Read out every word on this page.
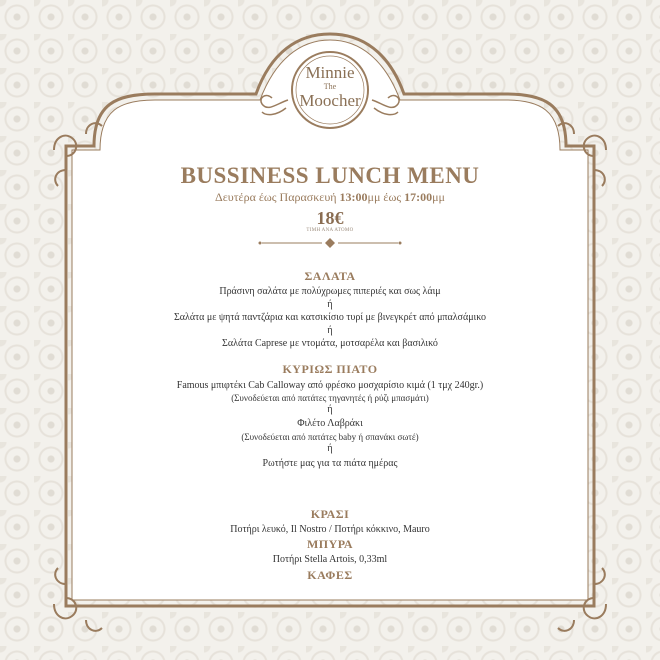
Minnie
The
Moocher
BUSSINESS LUNCH MENU
Δευτέρα έως Παρασκευή 13:00μμ έως 17:00μμ
18€
ΤΙΜΗ ΑΝΑ ΑΤΟΜΟ
ΣΑΛΑΤΑ
Πράσινη σαλάτα με πολύχρωμες πιπεριές και σως λάιμ
ή
Σαλάτα με ψητά παντζάρια και κατσικίσιο τυρί με βινεγκρέτ από μπαλσάμικο
ή
Σαλάτα Caprese με ντομάτα, μοτσαρέλα και βασιλικό
ΚΥΡΙΩΣ ΠΙΑΤΟ
Famous μπιφτέκι Cab Calloway από φρέσκο μοσχαρίσιο κιμά (1 τμχ 240gr.)
(Συνοδεύεται από πατάτες τηγανητές ή ρύζι μπασμάτι)
ή
Φιλέτο Λαβράκι
(Συνοδεύεται από πατάτες baby ή σπανάκι σωτέ)
ή
Ρωτήστε μας για τα πιάτα ημέρας
ΚΡΑΣΙ
Ποτήρι λευκό, Il Nostro / Ποτήρι κόκκινο, Mauro
ΜΠΥΡΑ
Ποτήρι Stella Artois, 0,33ml
ΚΑΦΕΣ
